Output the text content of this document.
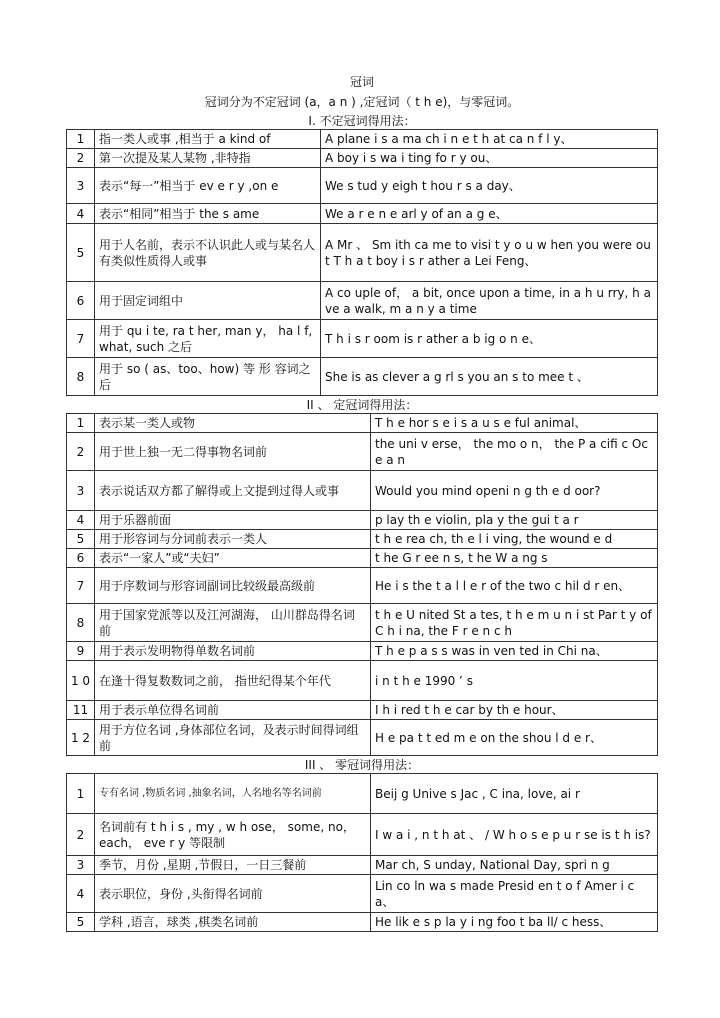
冠词
冠词分为不定冠词 (a，a n ) ,定冠词（ t h e)，与零冠词。
I. 不定冠词得用法：
1	指一类人或事 ,相当于 a kind of	A plane i s a ma ch i n e t h at ca n f l y、
2	第一次提及某人某物 ,非特指	A boy i s wa i ting fo r y ou、
3	表示“每一”相当于 ev e r y ,on e	We s tud y eigh t hou r s a day、
4	表示“相同”相当于 the s ame	We a r e n e arl y of an a g e、
5	用于人名前，表示不认识此人或与某名人有类似性质得人或事	A Mr 、 Sm ith ca me to visi t y o u w hen you were out T h a t boy i s r ather a Lei Feng、
6	用于固定词组中	A co uple of， a bit, once upon a time, in a h u rry, h ave a walk, m a n y a time
7	用于 qu i te, ra t her, man y， ha l f, what, such 之后	T h i s r oom is r ather a b ig o n e、
8	用于 so ( as、too、how) 等 形 容词之后	She is as clever a g rl s you an s to mee t 、
II 、 定冠词得用法：
1	表示某一类人或物	T h e hor s e i s a u s e ful animal、
2	用于世上独一无二得事物名词前	the uni v erse， the mo o n， the P a cifi c Oc e a n
3	表示说话双方都了解得或上文提到过得人或事	Would you mind openi n g th e d oor?
4	用于乐器前面	p lay th e violin, pla y the gui t a r
5	用于形容词与分词前表示一类人	t h e rea ch, th e l i ving, the wound e d
6	表示“一家人”或“夫妇”	t he G r ee n s, t he W a ng s
7	用于序数词与形容词副词比较级最高级前	He i s the t a l l e r of the two c hil d r en、
8	用于国家党派等以及江河湖海， 山川群岛得名词前	t h e U nited St a tes, t h e m u n i st Par t y of C h i na, the F r e n c h
9	用于表示发明物得单数名词前	T h e p a s s was in ven ted in Chi na、
1 0	在逢十得复数数词之前， 指世纪得某个年代	i n t h e 1990 ’ s
11	用于表示单位得名词前	I h i red t h e car by th e hour、
1 2	用于方位名词 ,身体部位名词，及表示时间得词组前	H e pa t t ed m e on the shou l d e r、
III 、 零冠词得用法：
1	专有名词 ,物质名词 ,抽象名词，人名地名等名词前	Beij g Unive s Jac , C ina, love, ai r
2	名词前有 t h i s , my , w h ose， some, no， each， eve r y 等限制	I w a i , n t h at 、 / W h o s e p u r se is t h is?
3	季节，月份 ,星期 ,节假日，一日三餐前	Mar ch, S unday, National Day, spri n g
4	表示职位，身份 ,头衔得名词前	Lin co ln wa s made Presid en t o f Amer i ca、
5	学科 ,语言，球类 ,棋类名词前	He lik e s p la y i ng foo t ba ll/ c hess、
